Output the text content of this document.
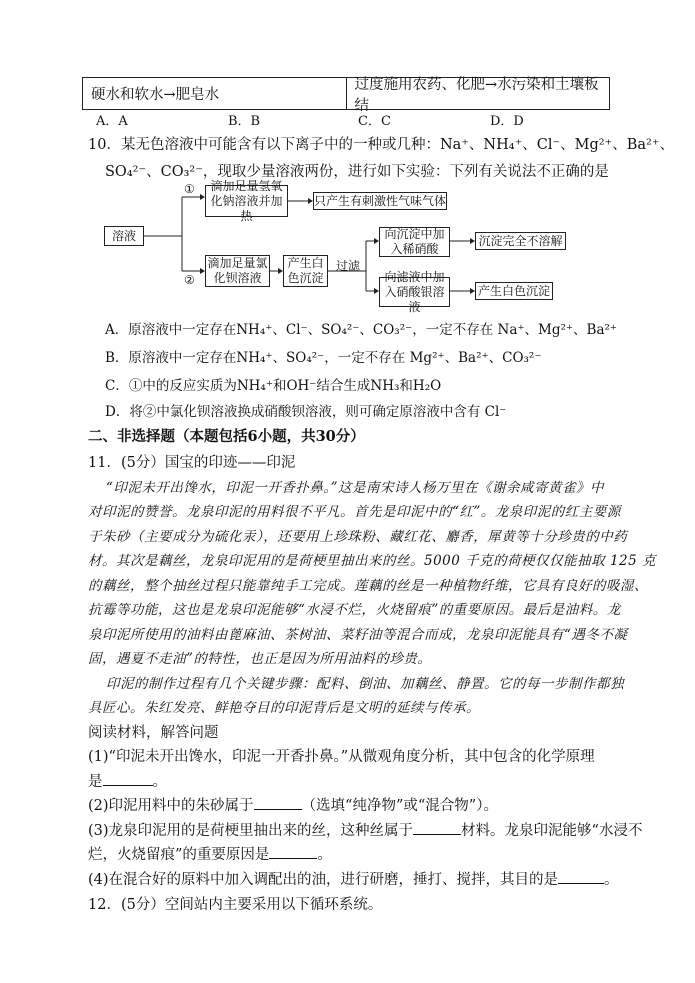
硬水和软水→肥皂水
过度施用农药、化肥→水污染和土壤板结
A．A	B．B	C．C	D．D
10．某无色溶液中可能含有以下离子中的一种或几种：Na⁺、NH₄⁺、Cl⁻、Mg²⁺、Ba²⁺、
SO₄²⁻、CO₃²⁻，现取少量溶液两份，进行如下实验：下列有关说法不正确的是
溶液
①
②
滴加足量氢氧化钠溶液并加热
只产生有刺激性气味气体
滴加足量氯化钡溶液
产生白色沉淀
过滤
向沉淀中加入稀硝酸
沉淀完全不溶解
向滤液中加入硝酸银溶液
产生白色沉淀
A．原溶液中一定存在NH₄⁺、Cl⁻、SO₄²⁻、CO₃²⁻，一定不存在 Na⁺、Mg²⁺、Ba²⁺
B．原溶液中一定存在NH₄⁺、SO₄²⁻，一定不存在 Mg²⁺、Ba²⁺、CO₃²⁻
C．①中的反应实质为NH₄⁺和OH⁻结合生成NH₃和H₂O
D．将②中氯化钡溶液换成硝酸钡溶液，则可确定原溶液中含有 Cl⁻
二、非选择题（本题包括6小题，共30分）
11．(5分）国宝的印迹——印泥
“印泥未开出馋水，印泥一开香扑鼻。”这是南宋诗人杨万里在《谢余咸寄黄雀》中
对印泥的赞誉。龙泉印泥的用料很不平凡。首先是印泥中的“红”。龙泉印泥的红主要源
于朱砂（主要成分为硫化汞），还要用上珍珠粉、藏红花、麝香，犀黄等十分珍贵的中药
材。其次是藕丝，龙泉印泥用的是荷梗里抽出来的丝。5000 千克的荷梗仅仅能抽取 125 克
的藕丝，整个抽丝过程只能靠纯手工完成。莲藕的丝是一种植物纤维，它具有良好的吸湿、
抗霉等功能，这也是龙泉印泥能够“水浸不烂，火烧留痕”的重要原因。最后是油料。龙
泉印泥所使用的油料由蓖麻油、茶树油、菜籽油等混合而成，龙泉印泥能具有“遇冬不凝
固，遇夏不走油”的特性，也正是因为所用油料的珍贵。
印泥的制作过程有几个关键步骤：配料、倒油、加藕丝、静置。它的每一步制作都独
具匠心。朱红发亮、鲜艳夺目的印泥背后是文明的延续与传承。
阅读材料，解答问题
(1)“印泥未开出馋水，印泥一开香扑鼻。”从微观角度分析，其中包含的化学原理
是	。
(2)印泥用料中的朱砂属于	（选填“纯净物”或“混合物”）。
(3)龙泉印泥用的是荷梗里抽出来的丝，这种丝属于	材料。龙泉印泥能够“水浸不
烂，火烧留痕”的重要原因是	。
(4)在混合好的原料中加入调配出的油，进行研磨，捶打、搅拌，其目的是	。
12．(5分）空间站内主要采用以下循环系统。
